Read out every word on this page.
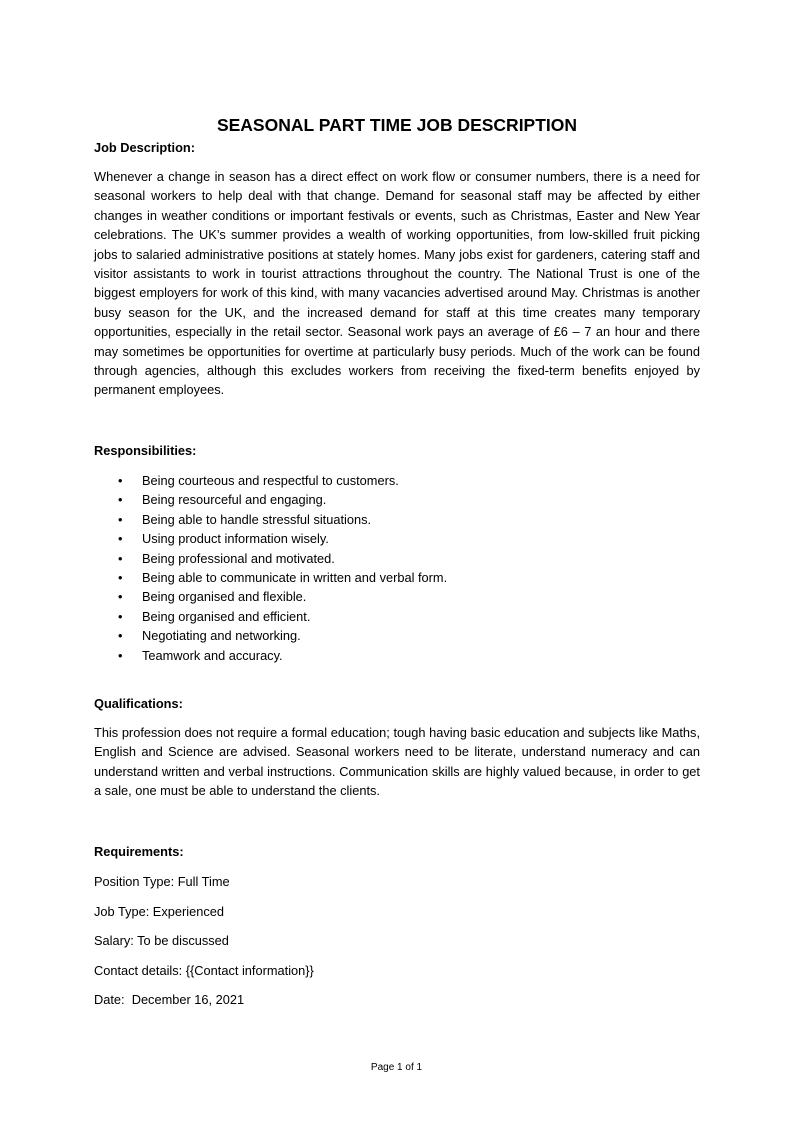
SEASONAL PART TIME JOB DESCRIPTION
Job Description:

Whenever a change in season has a direct effect on work flow or consumer numbers, there is a need for seasonal workers to help deal with that change. Demand for seasonal staff may be affected by either changes in weather conditions or important festivals or events, such as Christmas, Easter and New Year celebrations. The UK’s summer provides a wealth of working opportunities, from low-skilled fruit picking jobs to salaried administrative positions at stately homes. Many jobs exist for gardeners, catering staff and visitor assistants to work in tourist attractions throughout the country. The National Trust is one of the biggest employers for work of this kind, with many vacancies advertised around May. Christmas is another busy season for the UK, and the increased demand for staff at this time creates many temporary opportunities, especially in the retail sector. Seasonal work pays an average of £6 – 7 an hour and there may sometimes be opportunities for overtime at particularly busy periods. Much of the work can be found through agencies, although this excludes workers from receiving the fixed-term benefits enjoyed by permanent employees.

Responsibilities:
• Being courteous and respectful to customers.
• Being resourceful and engaging.
• Being able to handle stressful situations.
• Using product information wisely.
• Being professional and motivated.
• Being able to communicate in written and verbal form.
• Being organised and flexible.
• Being organised and efficient.
• Negotiating and networking.
• Teamwork and accuracy.
Qualifications:

This profession does not require a formal education; tough having basic education and subjects like Maths, English and Science are advised. Seasonal workers need to be literate, understand numeracy and can understand written and verbal instructions. Communication skills are highly valued because, in order to get a sale, one must be able to understand the clients.

Requirements:
Position Type: Full Time
Job Type: Experienced
Salary: To be discussed
Contact details: {{Contact information}}
Date:  December 16, 2021
Page 1 of 1
